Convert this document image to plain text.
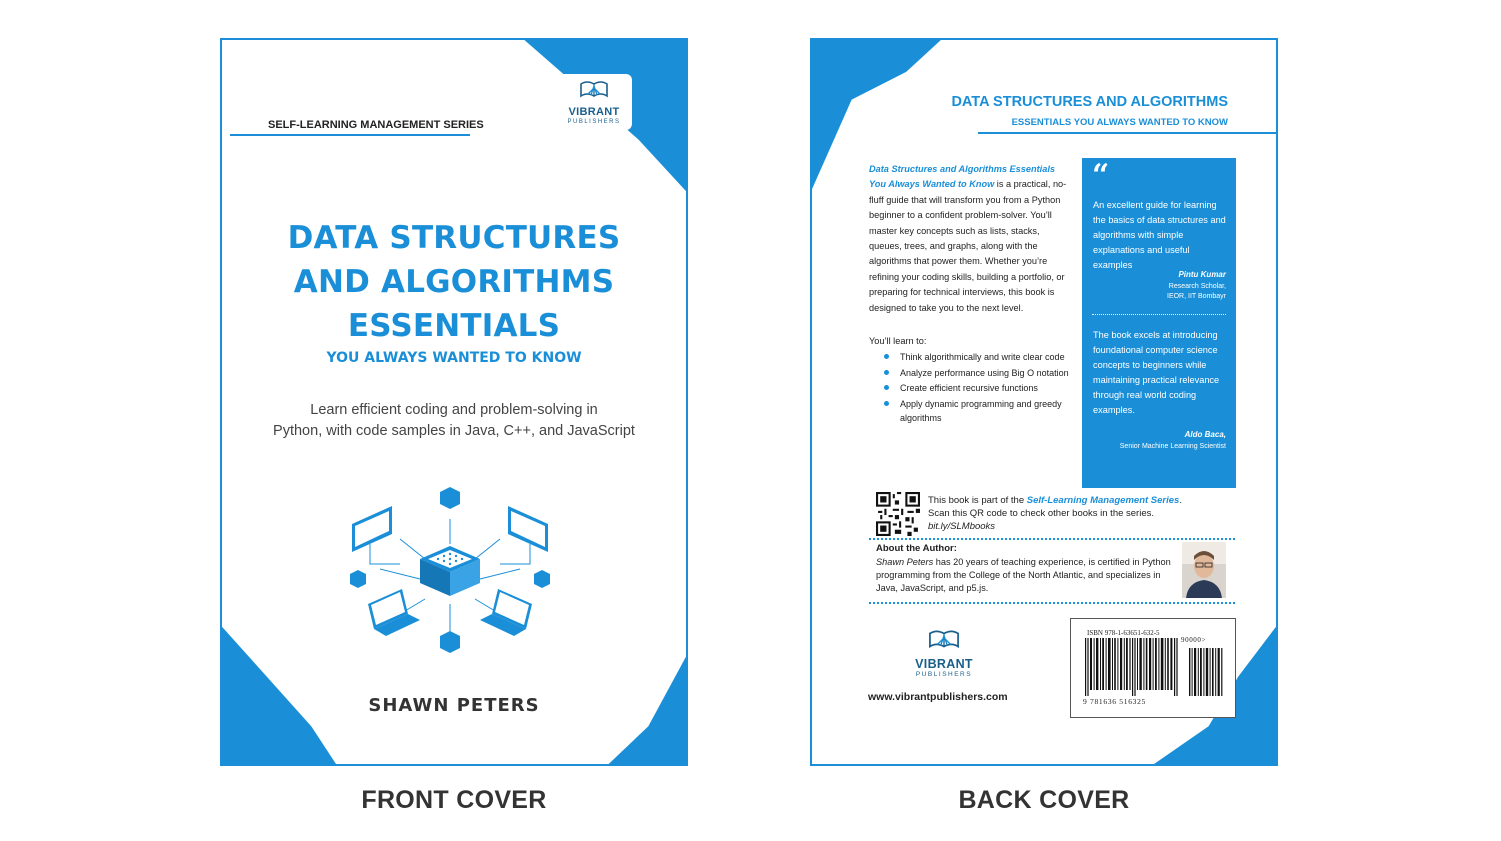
SELF-LEARNING MANAGEMENT SERIES
VIBRANT
PUBLISHERS
DATA STRUCTURES
AND ALGORITHMS
ESSENTIALS
YOU ALWAYS WANTED TO KNOW
Learn efficient coding and problem-solving in
Python, with code samples in Java, C++, and JavaScript
SHAWN PETERS
DATA STRUCTURES AND ALGORITHMS
ESSENTIALS YOU ALWAYS WANTED TO KNOW
Data Structures and Algorithms Essentials You Always Wanted to Know is a practical, no-fluff guide that will transform you from a Python beginner to a confident problem-solver. You’ll master key concepts such as lists, stacks, queues, trees, and graphs, along with the algorithms that power them. Whether you’re refining your coding skills, building a portfolio, or preparing for technical interviews, this book is designed to take you to the next level.
You’ll learn to:
Think algorithmically and write clear code
Analyze performance using Big O notation
Create efficient recursive functions
Apply dynamic programming and greedy algorithms
“
An excellent guide for learning the basics of data structures and algorithms with simple explanations and useful examples
Pintu Kumar
Research Scholar,
IEOR, IIT Bombayr
The book excels at introducing foundational computer science concepts to beginners while maintaining practical relevance through real world coding examples.
Aldo Baca,
Senior Machine Learning Scientist
This book is part of the Self-Learning Management Series.
Scan this QR code to check other books in the series.
bit.ly/SLMbooks
About the Author:
Shawn Peters has 20 years of teaching experience, is certified in Python programming from the College of the North Atlantic, and specializes in Java, JavaScript, and p5.js.
VIBRANT
PUBLISHERS
www.vibrantpublishers.com
ISBN 978-1-63651-632-5
90000>
9 781636 516325
FRONT COVER	BACK COVER
